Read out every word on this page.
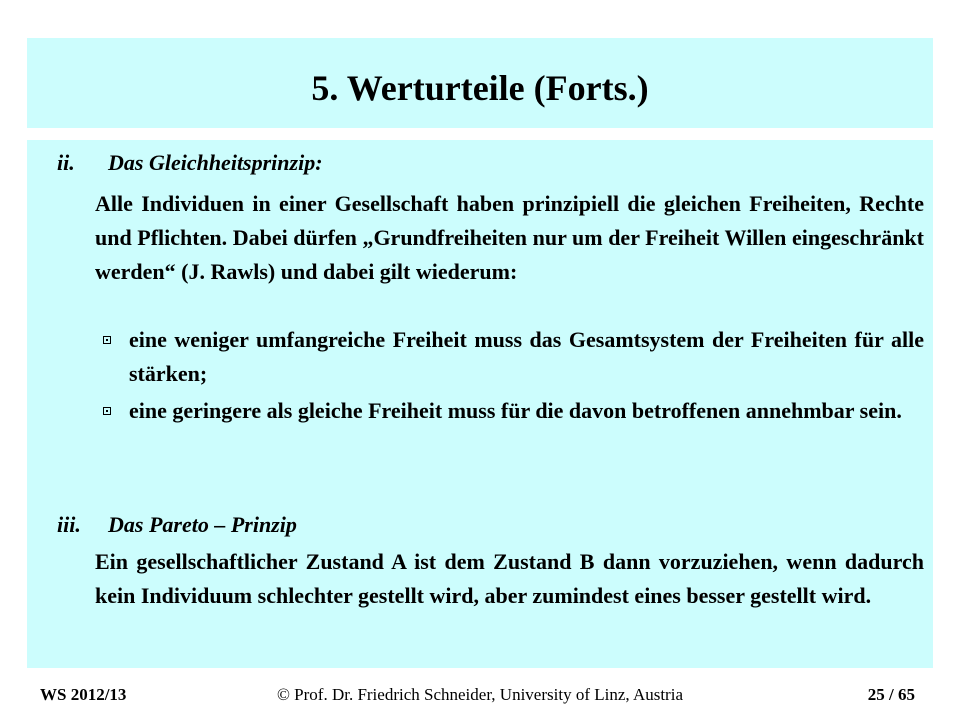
5. Werturteile (Forts.)
ii. Das Gleichheitsprinzip:

Alle Individuen in einer Gesellschaft haben prinzipiell die gleichen Freiheiten, Rechte und Pflichten. Dabei dürfen „Grundfreiheiten nur um der Freiheit Willen eingeschränkt werden“ (J. Rawls) und dabei gilt wiederum:

eine weniger umfangreiche Freiheit muss das Gesamtsystem der Freiheiten für alle stärken;
eine geringere als gleiche Freiheit muss für die davon betroffenen annehmbar sein.
iii. Das Pareto – Prinzip

Ein gesellschaftlicher Zustand A ist dem Zustand B dann vorzuziehen, wenn dadurch kein Individuum schlechter gestellt wird, aber zumindest eines besser gestellt wird.

WS 2012/13	© Prof. Dr. Friedrich Schneider, University of Linz, Austria	25 / 65
